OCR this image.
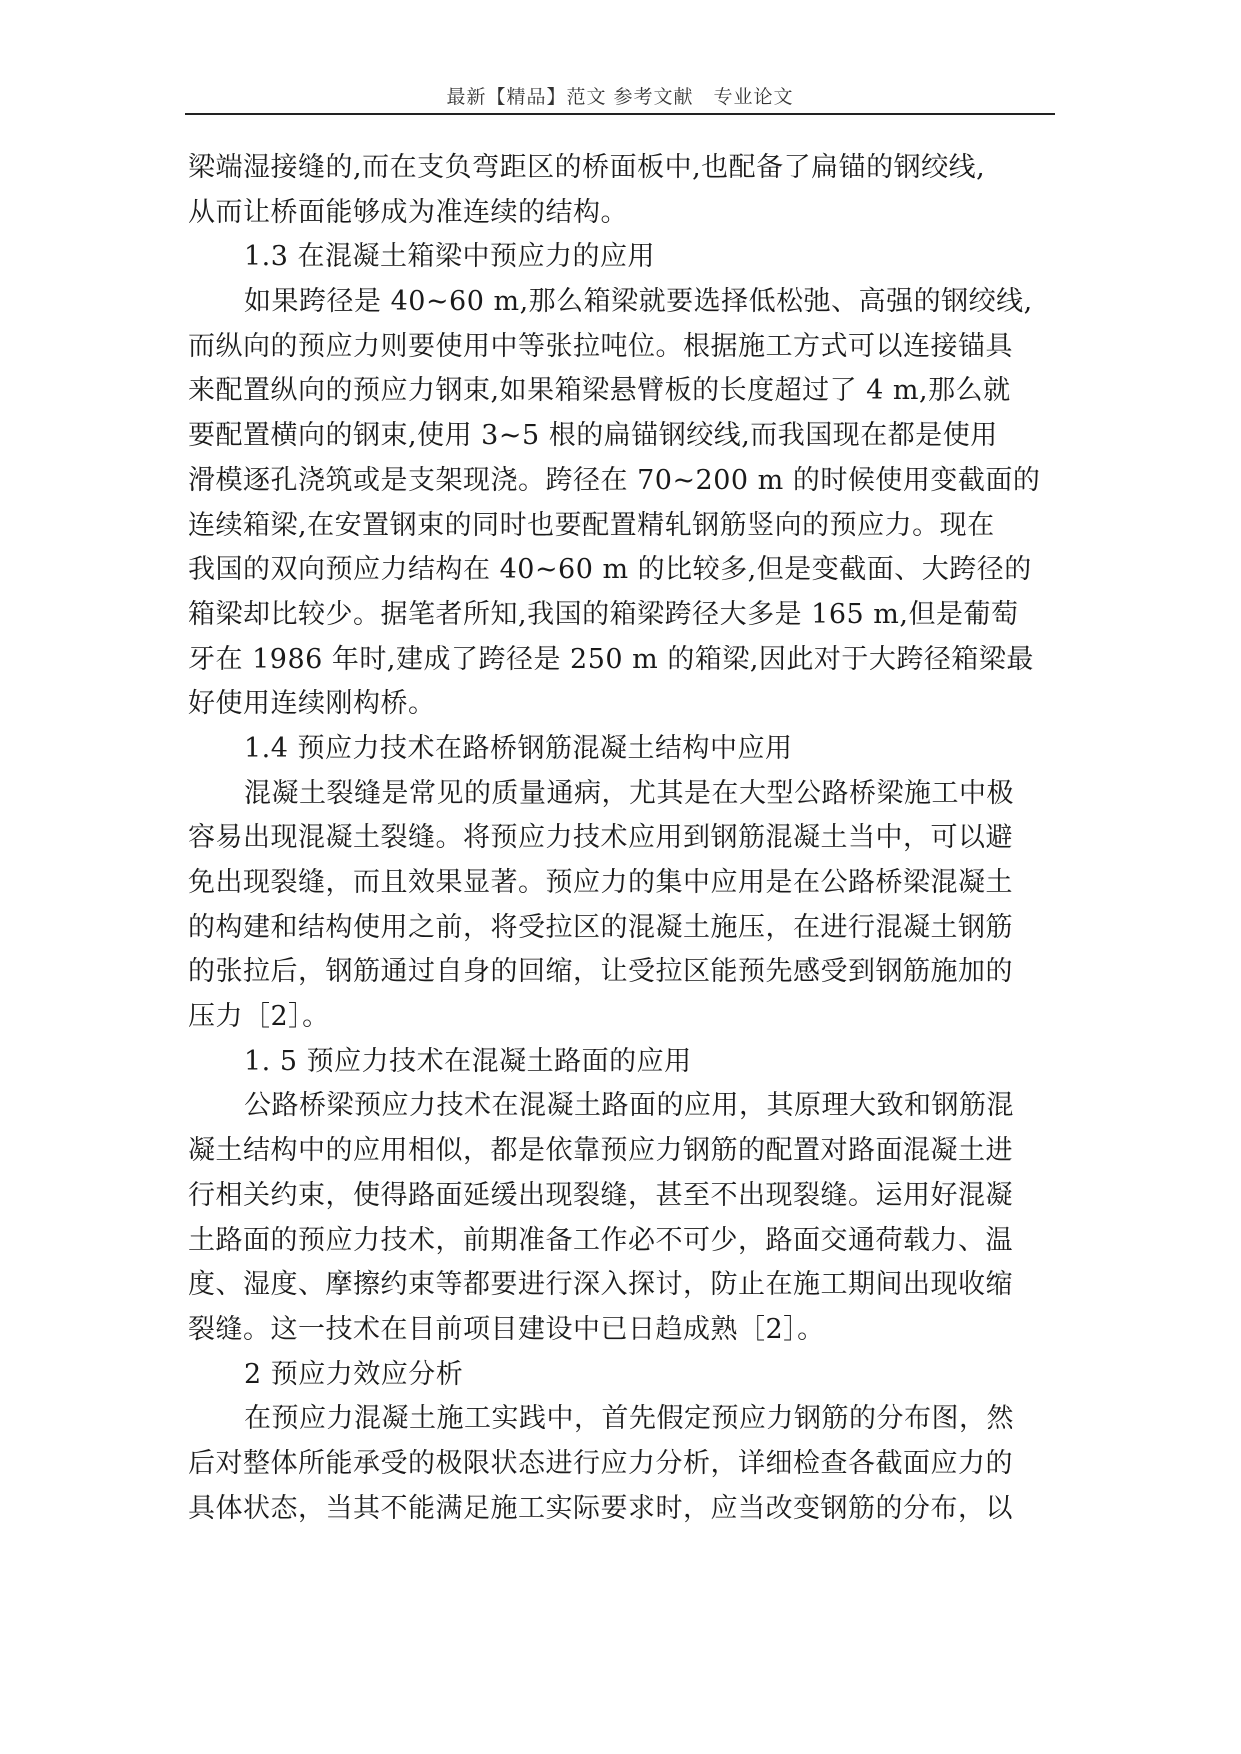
最新【精品】范文 参考文献　专业论文
梁端湿接缝的,而在支负弯距区的桥面板中,也配备了扁锚的钢绞线,
从而让桥面能够成为准连续的结构。
1.3 在混凝土箱梁中预应力的应用
如果跨径是 40~60 m,那么箱梁就要选择低松弛、高强的钢绞线,
而纵向的预应力则要使用中等张拉吨位。根据施工方式可以连接锚具
来配置纵向的预应力钢束,如果箱梁悬臂板的长度超过了 4 m,那么就
要配置横向的钢束,使用 3~5 根的扁锚钢绞线,而我国现在都是使用
滑模逐孔浇筑或是支架现浇。跨径在 70~200 m 的时候使用变截面的
连续箱梁,在安置钢束的同时也要配置精轧钢筋竖向的预应力。现在
我国的双向预应力结构在 40~60 m 的比较多,但是变截面、大跨径的
箱梁却比较少。据笔者所知,我国的箱梁跨径大多是 165 m,但是葡萄
牙在 1986 年时,建成了跨径是 250 m 的箱梁,因此对于大跨径箱梁最
好使用连续刚构桥。
1.4 预应力技术在路桥钢筋混凝土结构中应用
混凝土裂缝是常见的质量通病，尤其是在大型公路桥梁施工中极
容易出现混凝土裂缝。将预应力技术应用到钢筋混凝土当中，可以避
免出现裂缝，而且效果显著。预应力的集中应用是在公路桥梁混凝土
的构建和结构使用之前，将受拉区的混凝土施压，在进行混凝土钢筋
的张拉后，钢筋通过自身的回缩，让受拉区能预先感受到钢筋施加的
压力［2］。
1. 5 预应力技术在混凝土路面的应用
公路桥梁预应力技术在混凝土路面的应用，其原理大致和钢筋混
凝土结构中的应用相似，都是依靠预应力钢筋的配置对路面混凝土进
行相关约束，使得路面延缓出现裂缝，甚至不出现裂缝。运用好混凝
土路面的预应力技术，前期准备工作必不可少，路面交通荷载力、温
度、湿度、摩擦约束等都要进行深入探讨，防止在施工期间出现收缩
裂缝。这一技术在目前项目建设中已日趋成熟［2］。
2 预应力效应分析
在预应力混凝土施工实践中，首先假定预应力钢筋的分布图，然
后对整体所能承受的极限状态进行应力分析，详细检查各截面应力的
具体状态，当其不能满足施工实际要求时，应当改变钢筋的分布，以
